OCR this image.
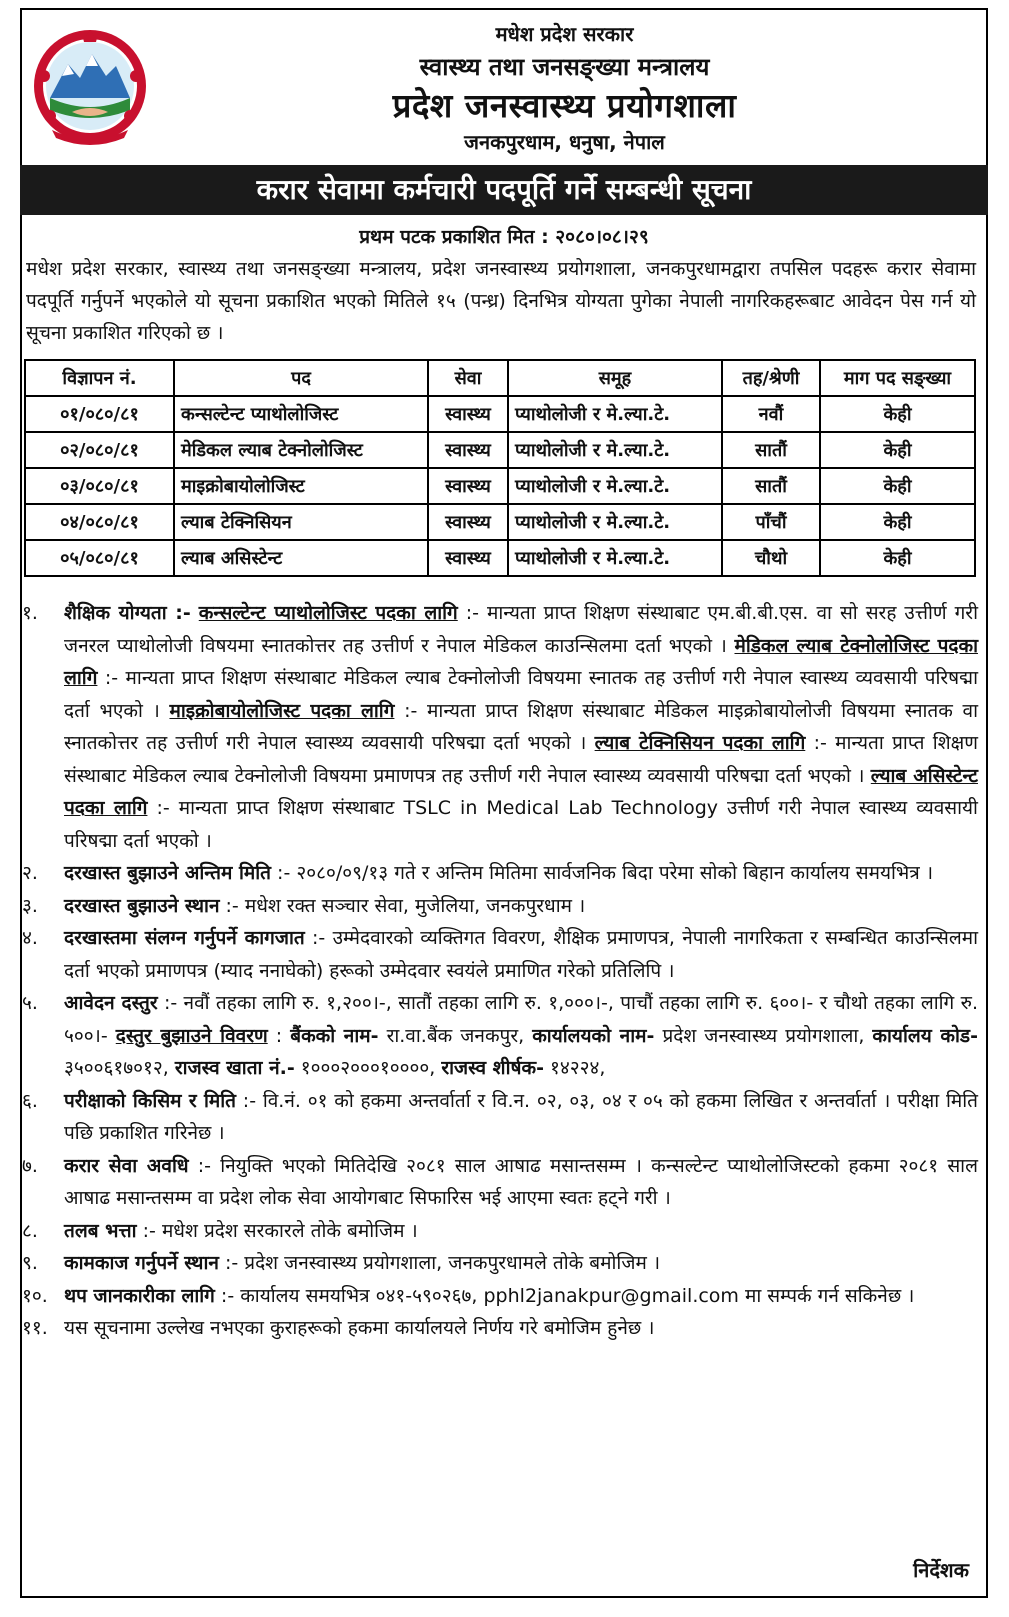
मधेश प्रदेश सरकार
स्वास्थ्य तथा जनसङ्ख्या मन्त्रालय
प्रदेश जनस्वास्थ्य प्रयोगशाला
जनकपुरधाम, धनुषा, नेपाल
करार सेवामा कर्मचारी पदपूर्ति गर्ने सम्बन्धी सूचना
प्रथम पटक प्रकाशित मित : २०८०।०८।२९
मधेश प्रदेश सरकार, स्वास्थ्य तथा जनसङ्ख्या मन्त्रालय, प्रदेश जनस्वास्थ्य प्रयोगशाला, जनकपुरधामद्वारा तपसिल पदहरू करार सेवामा पदपूर्ति गर्नुपर्ने भएकोले यो सूचना प्रकाशित भएको मितिले १५ (पन्ध्र) दिनभित्र योग्यता पुगेका नेपाली नागरिकहरूबाट आवेदन पेस गर्न यो सूचना प्रकाशित गरिएको छ ।
विज्ञापन नं.	पद	सेवा	समूह	तह/श्रेणी	माग पद सङ्ख्या
०१/०८०/८१	कन्सल्टेन्ट प्याथोलोजिस्ट	स्वास्थ्य	प्याथोलोजी र मे.ल्या.टे.	नवौं	केही
०२/०८०/८१	मेडिकल ल्याब टेक्नोलोजिस्ट	स्वास्थ्य	प्याथोलोजी र मे.ल्या.टे.	सातौं	केही
०३/०८०/८१	माइक्रोबायोलोजिस्ट	स्वास्थ्य	प्याथोलोजी र मे.ल्या.टे.	सातौं	केही
०४/०८०/८१	ल्याब टेक्निसियन	स्वास्थ्य	प्याथोलोजी र मे.ल्या.टे.	पाँचौं	केही
०५/०८०/८१	ल्याब असिस्टेन्ट	स्वास्थ्य	प्याथोलोजी र मे.ल्या.टे.	चौथो	केही
१.	शैक्षिक योग्यता :- कन्सल्टेन्ट प्याथोलोजिस्ट पदका लागि :- मान्यता प्राप्त शिक्षण संस्थाबाट एम.बी.बी.एस. वा सो सरह उत्तीर्ण गरी जनरल प्याथोलोजी विषयमा स्नातकोत्तर तह उत्तीर्ण र नेपाल मेडिकल काउन्सिलमा दर्ता भएको । मेडिकल ल्याब टेक्नोलोजिस्ट पदका लागि :- मान्यता प्राप्त शिक्षण संस्थाबाट मेडिकल ल्याब टेक्नोलोजी विषयमा स्नातक तह उत्तीर्ण गरी नेपाल स्वास्थ्य व्यवसायी परिषद्मा दर्ता भएको । माइक्रोबायोलोजिस्ट पदका लागि :- मान्यता प्राप्त शिक्षण संस्थाबाट मेडिकल माइक्रोबायोलोजी विषयमा स्नातक वा स्नातकोत्तर तह उत्तीर्ण गरी नेपाल स्वास्थ्य व्यवसायी परिषद्मा दर्ता भएको । ल्याब टेक्निसियन पदका लागि :- मान्यता प्राप्त शिक्षण संस्थाबाट मेडिकल ल्याब टेक्नोलोजी विषयमा प्रमाणपत्र तह उत्तीर्ण गरी नेपाल स्वास्थ्य व्यवसायी परिषद्मा दर्ता भएको । ल्याब असिस्टेन्ट पदका लागि :- मान्यता प्राप्त शिक्षण संस्थाबाट TSLC in Medical Lab Technology उत्तीर्ण गरी नेपाल स्वास्थ्य व्यवसायी परिषद्मा दर्ता भएको ।
२.	दरखास्त बुझाउने अन्तिम मिति :- २०८०/०९/१३ गते र अन्तिम मितिमा सार्वजनिक बिदा परेमा सोको बिहान कार्यालय समयभित्र ।
३.	दरखास्त बुझाउने स्थान :- मधेश रक्त सञ्चार सेवा, मुजेलिया, जनकपुरधाम ।
४.	दरखास्तमा संलग्न गर्नुपर्ने कागजात :- उम्मेदवारको व्यक्तिगत विवरण, शैक्षिक प्रमाणपत्र, नेपाली नागरिकता र सम्बन्धित काउन्सिलमा दर्ता भएको प्रमाणपत्र (म्याद ननाघेको) हरूको उम्मेदवार स्वयंले प्रमाणित गरेको प्रतिलिपि ।
५.	आवेदन दस्तुर :- नवौं तहका लागि रु. १,२००।-, सातौं तहका लागि रु. १,०००।-, पाचौं तहका लागि रु. ६००।- र चौथो तहका लागि रु. ५००।- दस्तुर बुझाउने विवरण : बैंकको नाम- रा.वा.बैंक जनकपुर, कार्यालयको नाम- प्रदेश जनस्वास्थ्य प्रयोगशाला, कार्यालय कोड- ३५००६१७०१२, राजस्व खाता नं.- १०००२०००१००००, राजस्व शीर्षक- १४२२४,
६.	परीक्षाको किसिम र मिति :- वि.नं. ०१ को हकमा अन्तर्वार्ता र वि.न. ०२, ०३, ०४ र ०५ को हकमा लिखित र अन्तर्वार्ता । परीक्षा मिति पछि प्रकाशित गरिनेछ ।
७.	करार सेवा अवधि :- नियुक्ति भएको मितिदेखि २०८१ साल आषाढ मसान्तसम्म । कन्सल्टेन्ट प्याथोलोजिस्टको हकमा २०८१ साल आषाढ मसान्तसम्म वा प्रदेश लोक सेवा आयोगबाट सिफारिस भई आएमा स्वतः हट्ने गरी ।
८.	तलब भत्ता :- मधेश प्रदेश सरकारले तोके बमोजिम ।
९.	कामकाज गर्नुपर्ने स्थान :- प्रदेश जनस्वास्थ्य प्रयोगशाला, जनकपुरधामले तोके बमोजिम ।
१०. थप जानकारीका लागि :- कार्यालय समयभित्र ०४१-५९०२६७, pphl2janakpur@gmail.com मा सम्पर्क गर्न सकिनेछ ।
११. यस सूचनामा उल्लेख नभएका कुराहरूको हकमा कार्यालयले निर्णय गरे बमोजिम हुनेछ ।
निर्देशक
